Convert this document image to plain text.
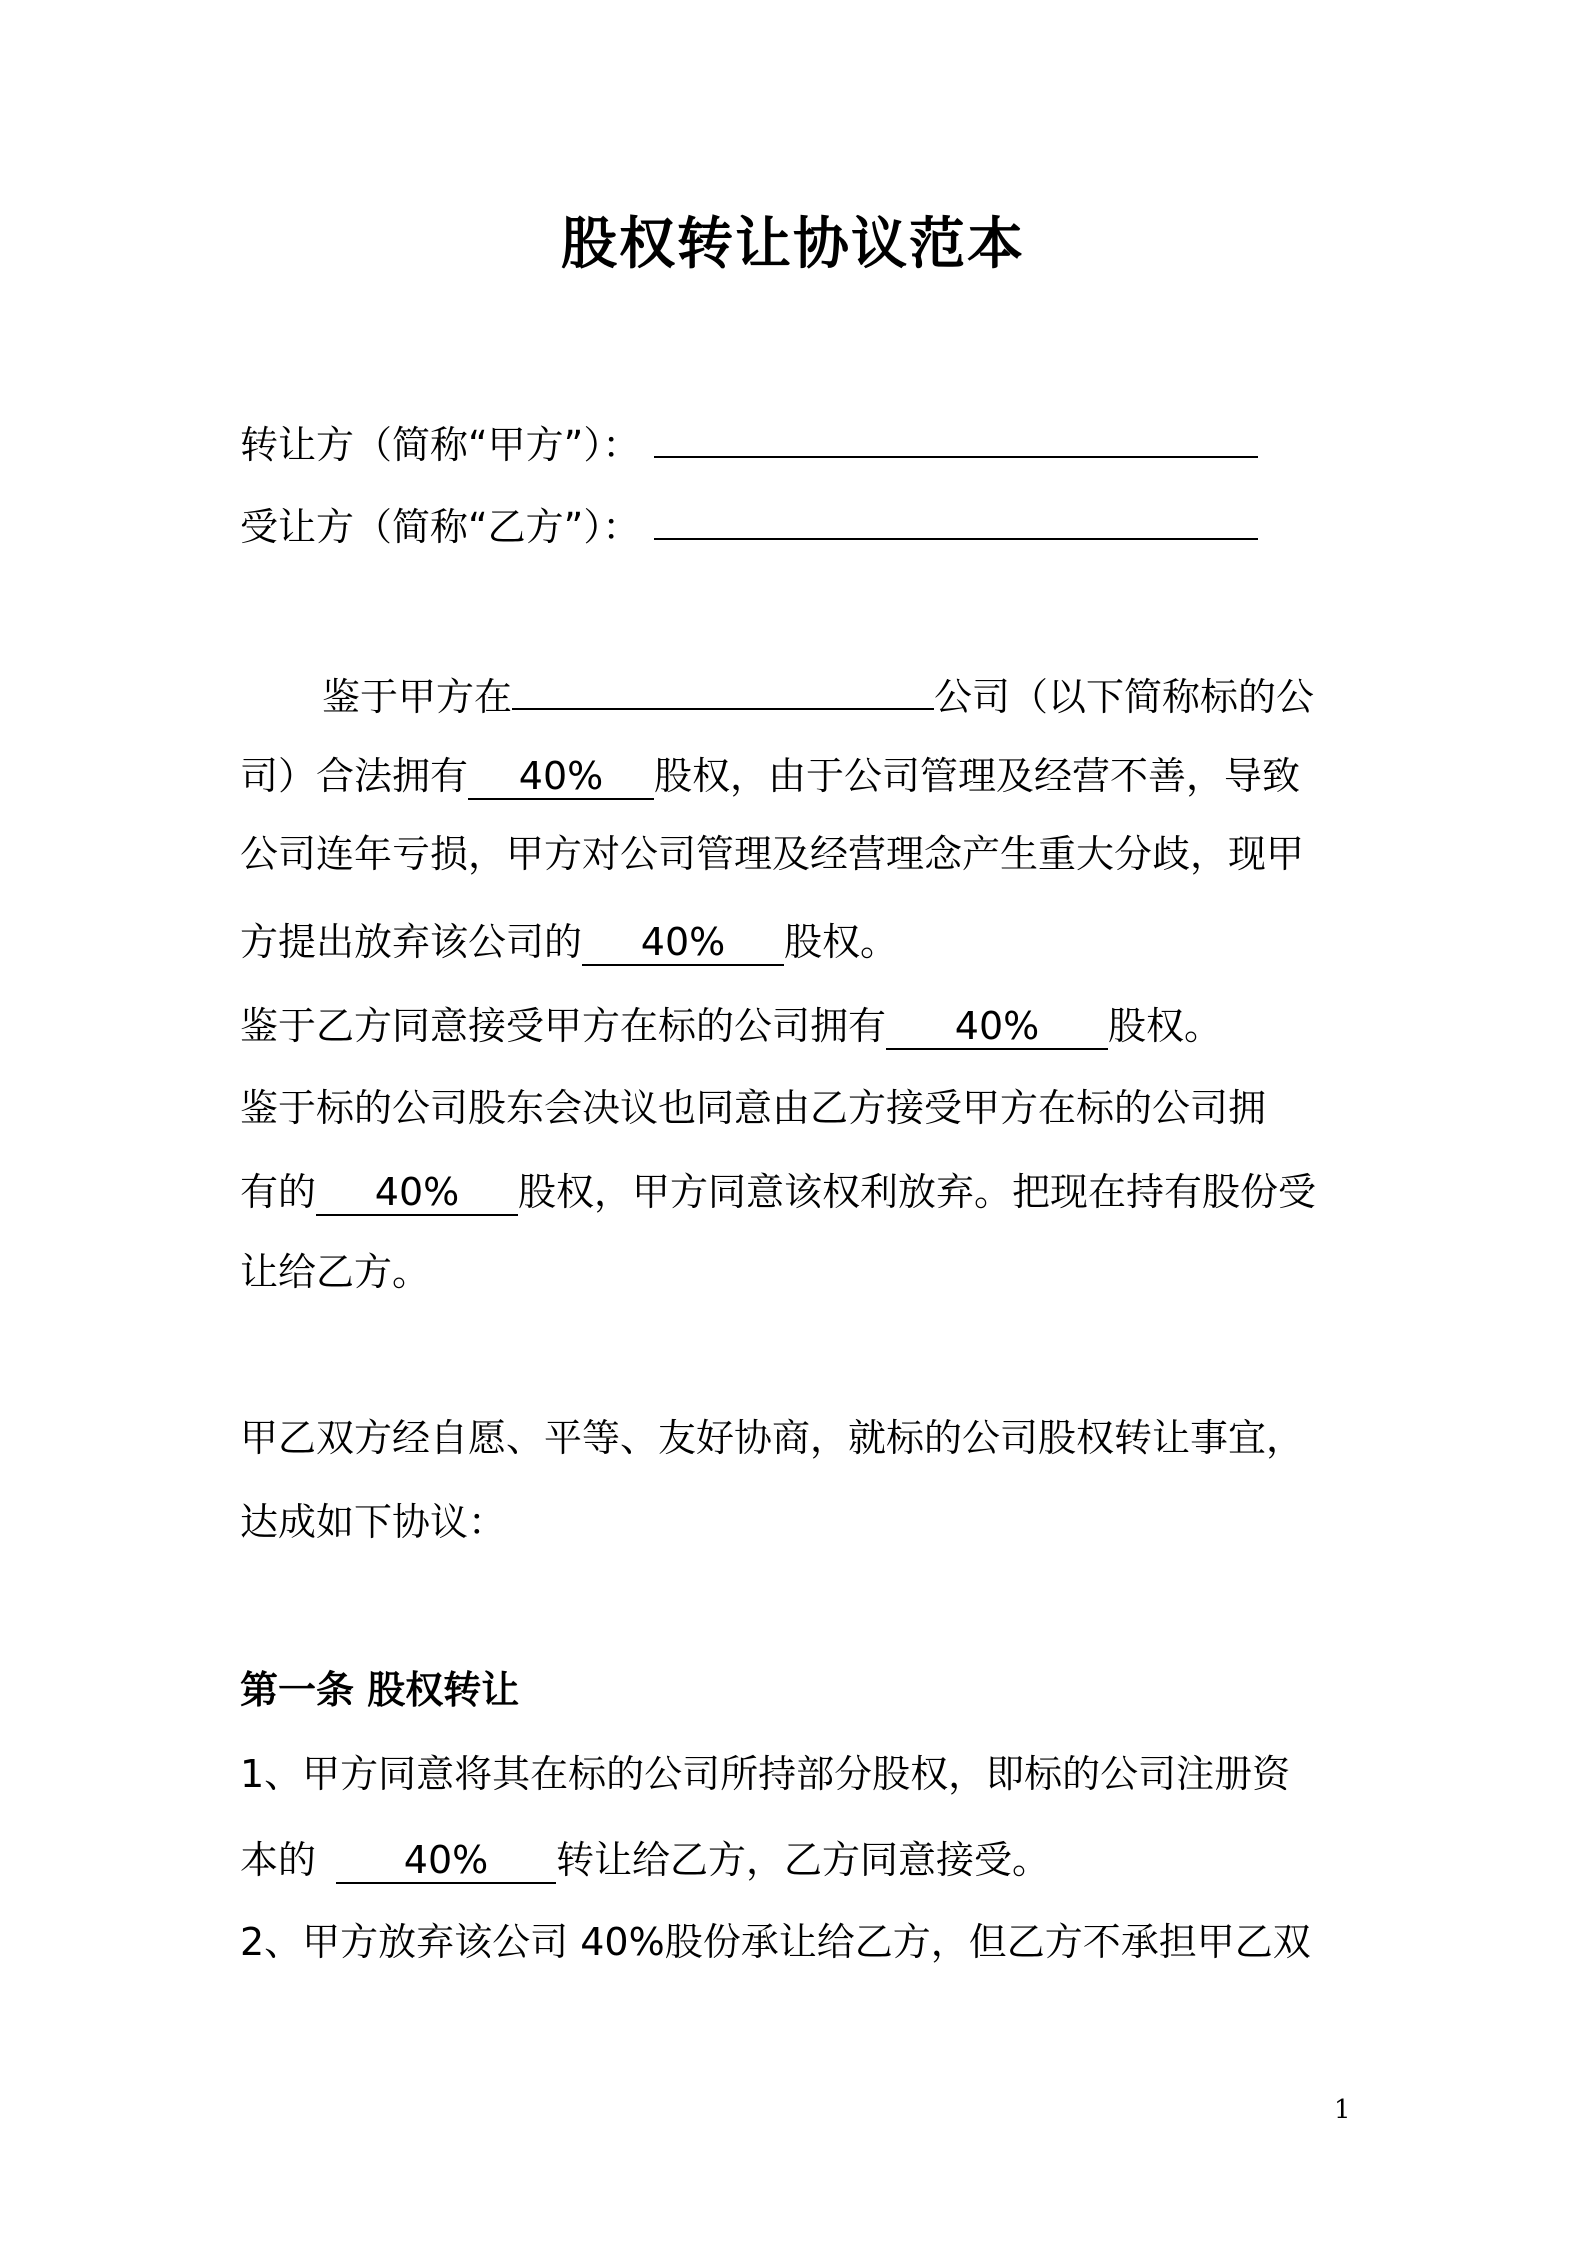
股权转让协议范本
转让方（简称“甲方”）：
受让方（简称“乙方”）：
鉴于甲方在	公司（以下简称标的公
司）合法拥有 40% 股权，由于公司管理及经营不善，导致
公司连年亏损，甲方对公司管理及经营理念产生重大分歧，现甲
方提出放弃该公司的 40% 股权。
鉴于乙方同意接受甲方在标的公司拥有 40% 股权。
鉴于标的公司股东会决议也同意由乙方接受甲方在标的公司拥
有的 40% 股权，甲方同意该权利放弃。把现在持有股份受
让给乙方。
甲乙双方经自愿、平等、友好协商，就标的公司股权转让事宜，
达成如下协议：
第一条 股权转让
1、甲方同意将其在标的公司所持部分股权，即标的公司注册资
本的 40% 转让给乙方，乙方同意接受。
2、甲方放弃该公司 40%股份承让给乙方，但乙方不承担甲乙双
1
